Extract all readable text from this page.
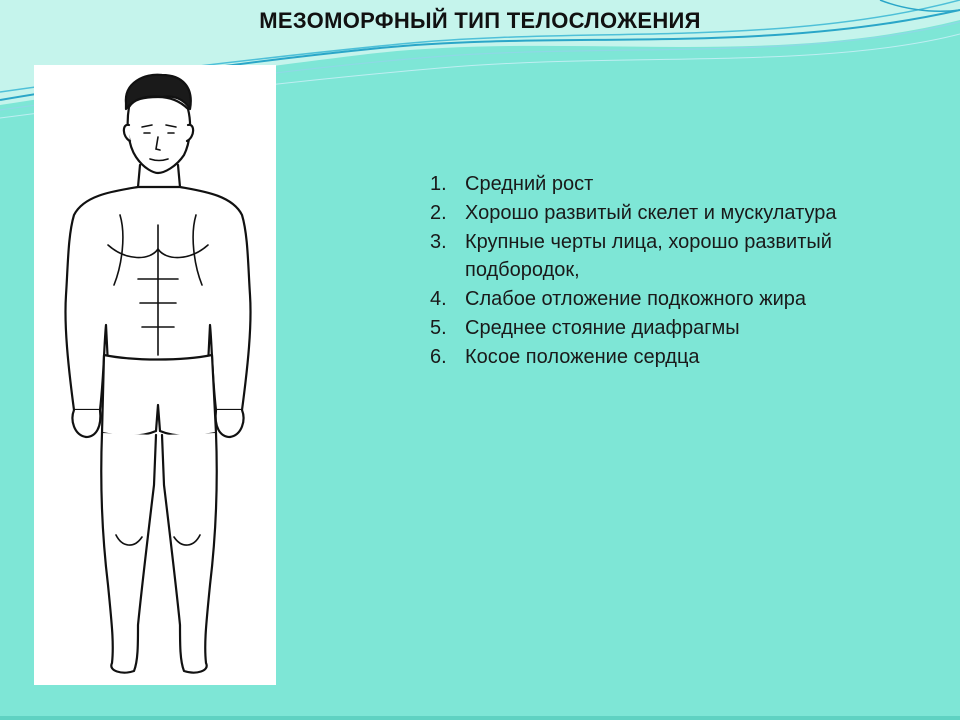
МЕЗОМОРФНЫЙ ТИП ТЕЛОСЛОЖЕНИЯ
1. Средний рост
2. Хорошо развитый скелет и мускулатура
3. Крупные черты лица, хорошо развитый подбородок,
4. Слабое отложение подкожного жира
5. Среднее стояние диафрагмы
6. Косое положение сердца
